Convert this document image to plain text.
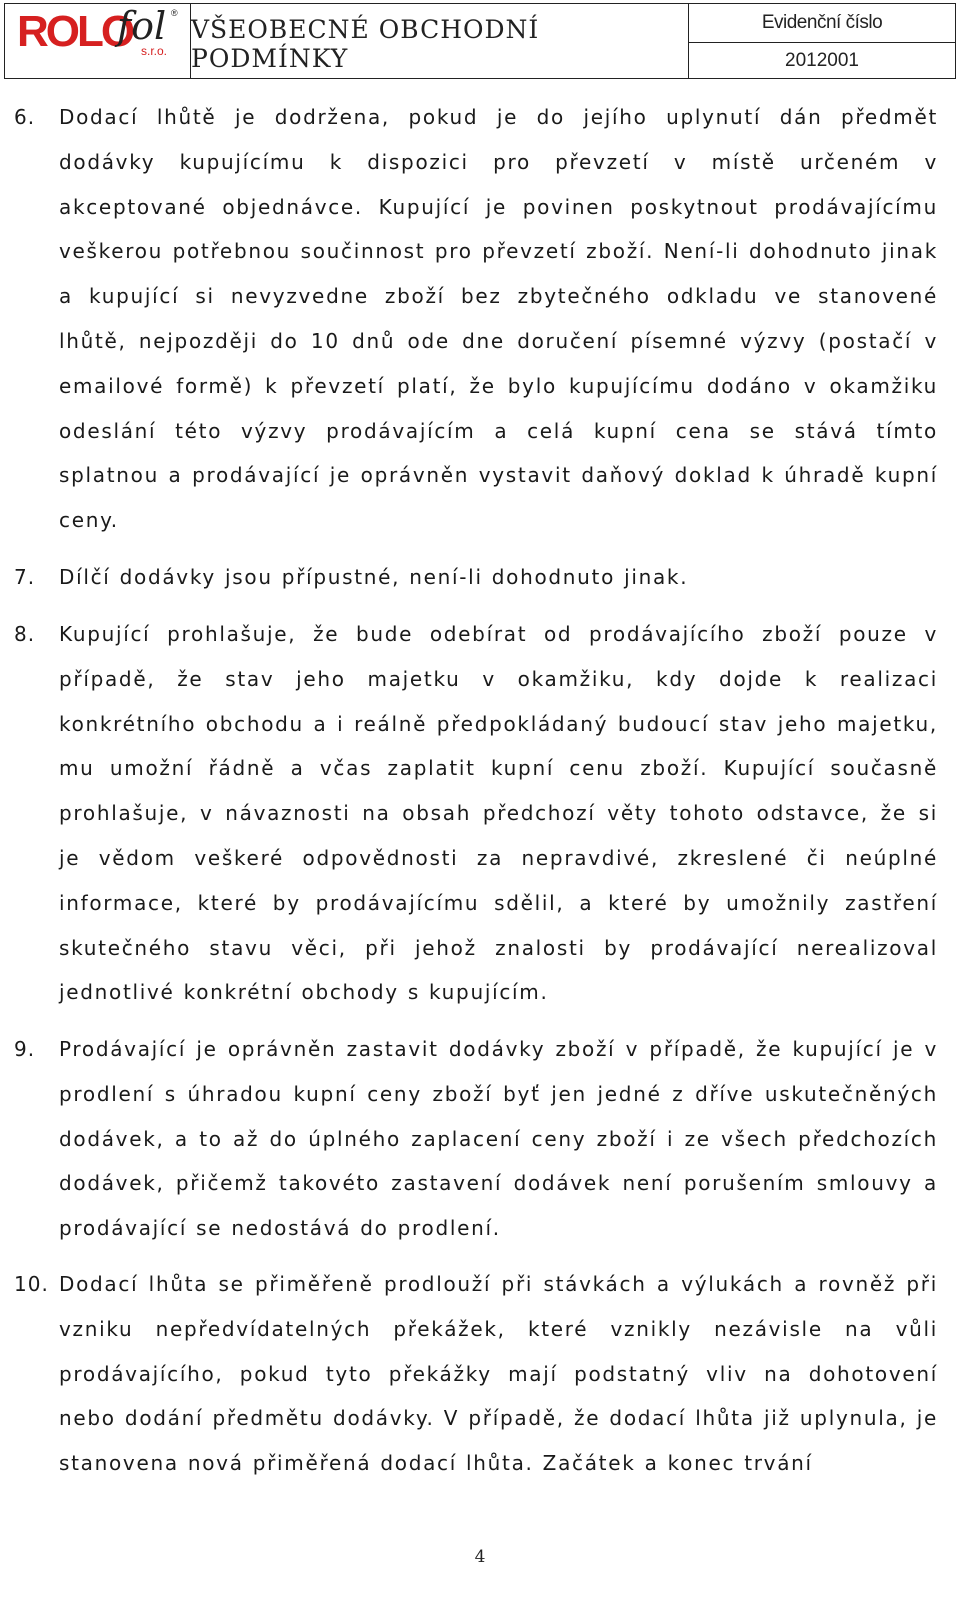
ROLO
fol ®
s.r.o.
VŠEOBECNÉ OBCHODNÍ PODMÍNKY
Evidenční číslo
2012001
6.	Dodací lhůtě je dodržena, pokud je do jejího uplynutí dán předmět dodávky kupujícímu k dispozici pro převzetí v místě určeném v akceptované objednávce. Kupující je povinen poskytnout prodávajícímu veškerou potřebnou součinnost pro převzetí zboží. Není-li dohodnuto jinak a kupující si nevyzvedne zboží bez zbytečného odkladu ve stanovené lhůtě, nejpozději do 10 dnů ode dne doručení písemné výzvy (postačí v emailové formě) k převzetí platí, že bylo kupujícímu dodáno v okamžiku odeslání této výzvy prodávajícím a celá kupní cena se stává tímto splatnou a prodávající je oprávněn vystavit daňový doklad k úhradě kupní ceny.
7.	Dílčí dodávky jsou přípustné, není-li dohodnuto jinak.
8.	Kupující prohlašuje, že bude odebírat od prodávajícího zboží pouze v případě, že stav jeho majetku v okamžiku, kdy dojde k realizaci konkrétního obchodu a i reálně předpokládaný budoucí stav jeho majetku, mu umožní řádně a včas zaplatit kupní cenu zboží. Kupující současně prohlašuje, v návaznosti na obsah předchozí věty tohoto odstavce, že si je vědom veškeré odpovědnosti za nepravdivé, zkreslené či neúplné informace, které by prodávajícímu sdělil, a které by umožnily zastření skutečného stavu věci, při jehož znalosti by prodávající nerealizoval jednotlivé konkrétní obchody s kupujícím.
9.	Prodávající je oprávněn zastavit dodávky zboží v případě, že kupující je v prodlení s úhradou kupní ceny zboží byť jen jedné z dříve uskutečněných dodávek, a to až do úplného zaplacení ceny zboží i ze všech předchozích dodávek, přičemž takovéto zastavení dodávek není porušením smlouvy a prodávající se nedostává do prodlení.
10. Dodací lhůta se přiměřeně prodlouží při stávkách a výlukách a rovněž při vzniku nepředvídatelných překážek, které vznikly nezávisle na vůli prodávajícího, pokud tyto překážky mají podstatný vliv na dohotovení nebo dodání předmětu dodávky. V případě, že dodací lhůta již uplynula, je stanovena nová přiměřená dodací lhůta. Začátek a konec trvání
4
